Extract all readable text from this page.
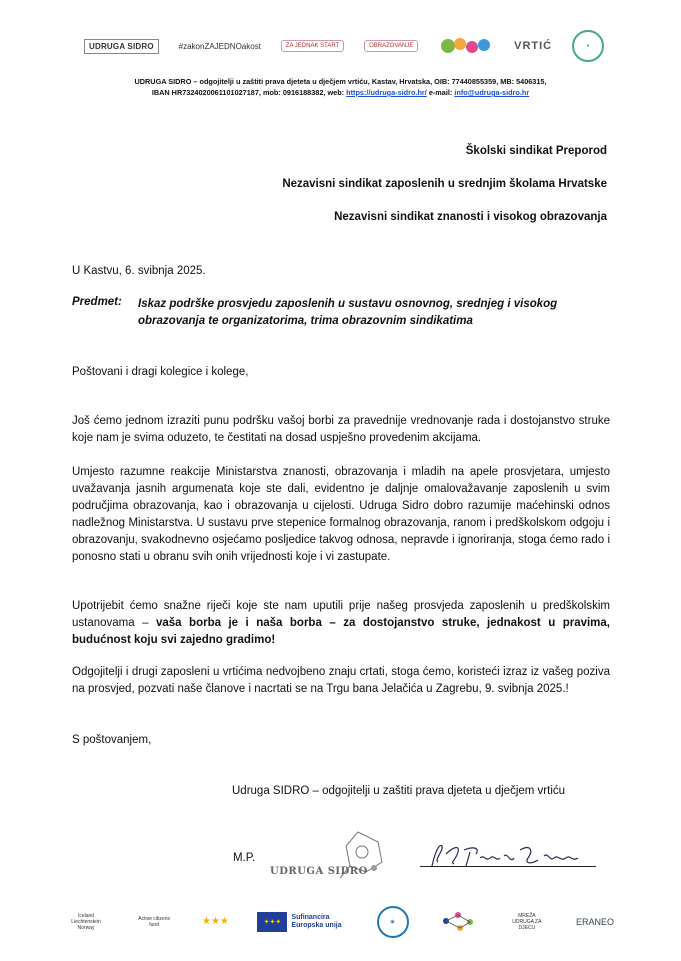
UDRUGA SIDRO	#zakonZAJEDNOakost	ZA JEDNAK START	OBRAZOVANJE	VRTIĆ	●
UDRUGA SIDRO – odgojitelji u zaštiti prava djeteta u dječjem vrtiću, Kastav, Hrvatska, OIB: 77440855359, MB: 5406315,
IBAN HR7324020061101027187, mob: 0916188382, web: https://udruga-sidro.hr/ e-mail: info@udruga-sidro.hr
Školski sindikat Preporod
Nezavisni sindikat zaposlenih u srednjim školama Hrvatske
Nezavisni sindikat znanosti i visokog obrazovanja
U Kastvu, 6. svibnja 2025.
Predmet:	Iskaz podrške prosvjedu zaposlenih u sustavu osnovnog, srednjeg i visokog obrazovanja te organizatorima, trima obrazovnim sindikatima
Poštovani i dragi kolegice i kolege,
Još ćemo jednom izraziti punu podršku vašoj borbi za pravednije vrednovanje rada i dostojanstvo struke koje nam je svima oduzeto, te čestitati na dosad uspješno provedenim akcijama.
Umjesto razumne reakcije Ministarstva znanosti, obrazovanja i mladih na apele prosvjetara, umjesto uvažavanja jasnih argumenata koje ste dali, evidentno je daljnje omalovažavanje zaposlenih u svim područjima obrazovanja, kao i obrazovanja u cijelosti. Udruga Sidro dobro razumije maćehinski odnos nadležnog Ministarstva. U sustavu prve stepenice formalnog obrazovanja, ranom i predškolskom odgoju i obrazovanju, svakodnevno osjećamo posljedice takvog odnosa, nepravde i ignoriranja, stoga ćemo rado i ponosno stati u obranu svih onih vrijednosti koje i vi zastupate.
Upotrijebit ćemo snažne riječi koje ste nam uputili prije našeg prosvjeda zaposlenih u predškolskim ustanovama – vaša borba je i naša borba – za dostojanstvo struke, jednakost u pravima, budućnost koju svi zajedno gradimo!
Odgojitelji i drugi zaposleni u vrtićima nedvojbeno znaju crtati, stoga ćemo, koristeći izraz iz vašeg poziva na prosvjed, pozvati naše članove i nacrtati se na Trgu bana Jelačića u Zagrebu, 9. svibnja 2025.!
S poštovanjem,
Udruga SIDRO – odgojitelji u zaštiti prava djeteta u dječjem vrtiću
M.P.
UDRUGA SIDRO
Iceland Liechtenstein Norway
Active citizens fund	★★★	✦✦✦
Sufinancira Europska unija	◉
MREŽA UDRUGA ZA DJECU
ERANEO
